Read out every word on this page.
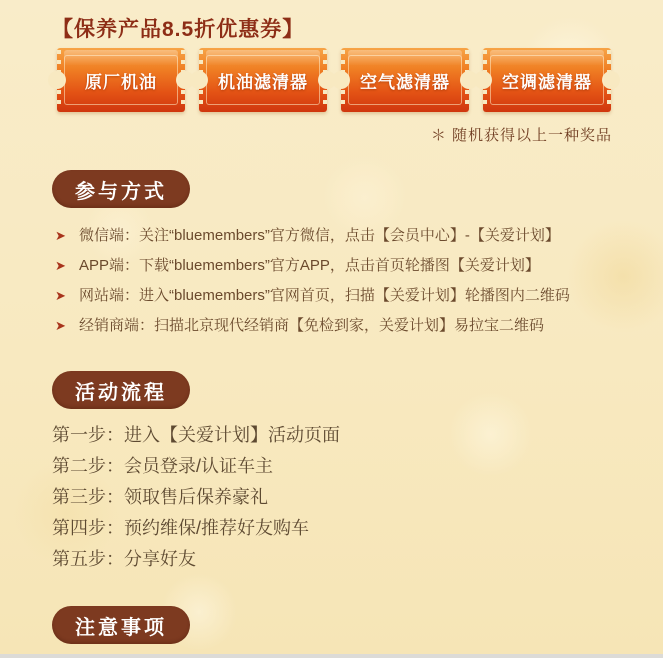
【保养产品8.5折优惠券】
原厂机油	机油滤清器	空气滤清器	空调滤清器
＊ 随机获得以上一种奖品
参与方式
➤ 微信端：关注“bluemembers”官方微信，点击【会员中心】-【关爱计划】
➤ APP端：下载“bluemembers”官方APP，点击首页轮播图【关爱计划】
➤ 网站端：进入“bluemembers”官网首页，扫描【关爱计划】轮播图内二维码
➤ 经销商端：扫描北京现代经销商【免检到家，关爱计划】易拉宝二维码
活动流程
第一步：进入【关爱计划】活动页面
第二步：会员登录/认证车主
第三步：领取售后保养豪礼
第四步：预约维保/推荐好友购车
第五步：分享好友
注意事项
